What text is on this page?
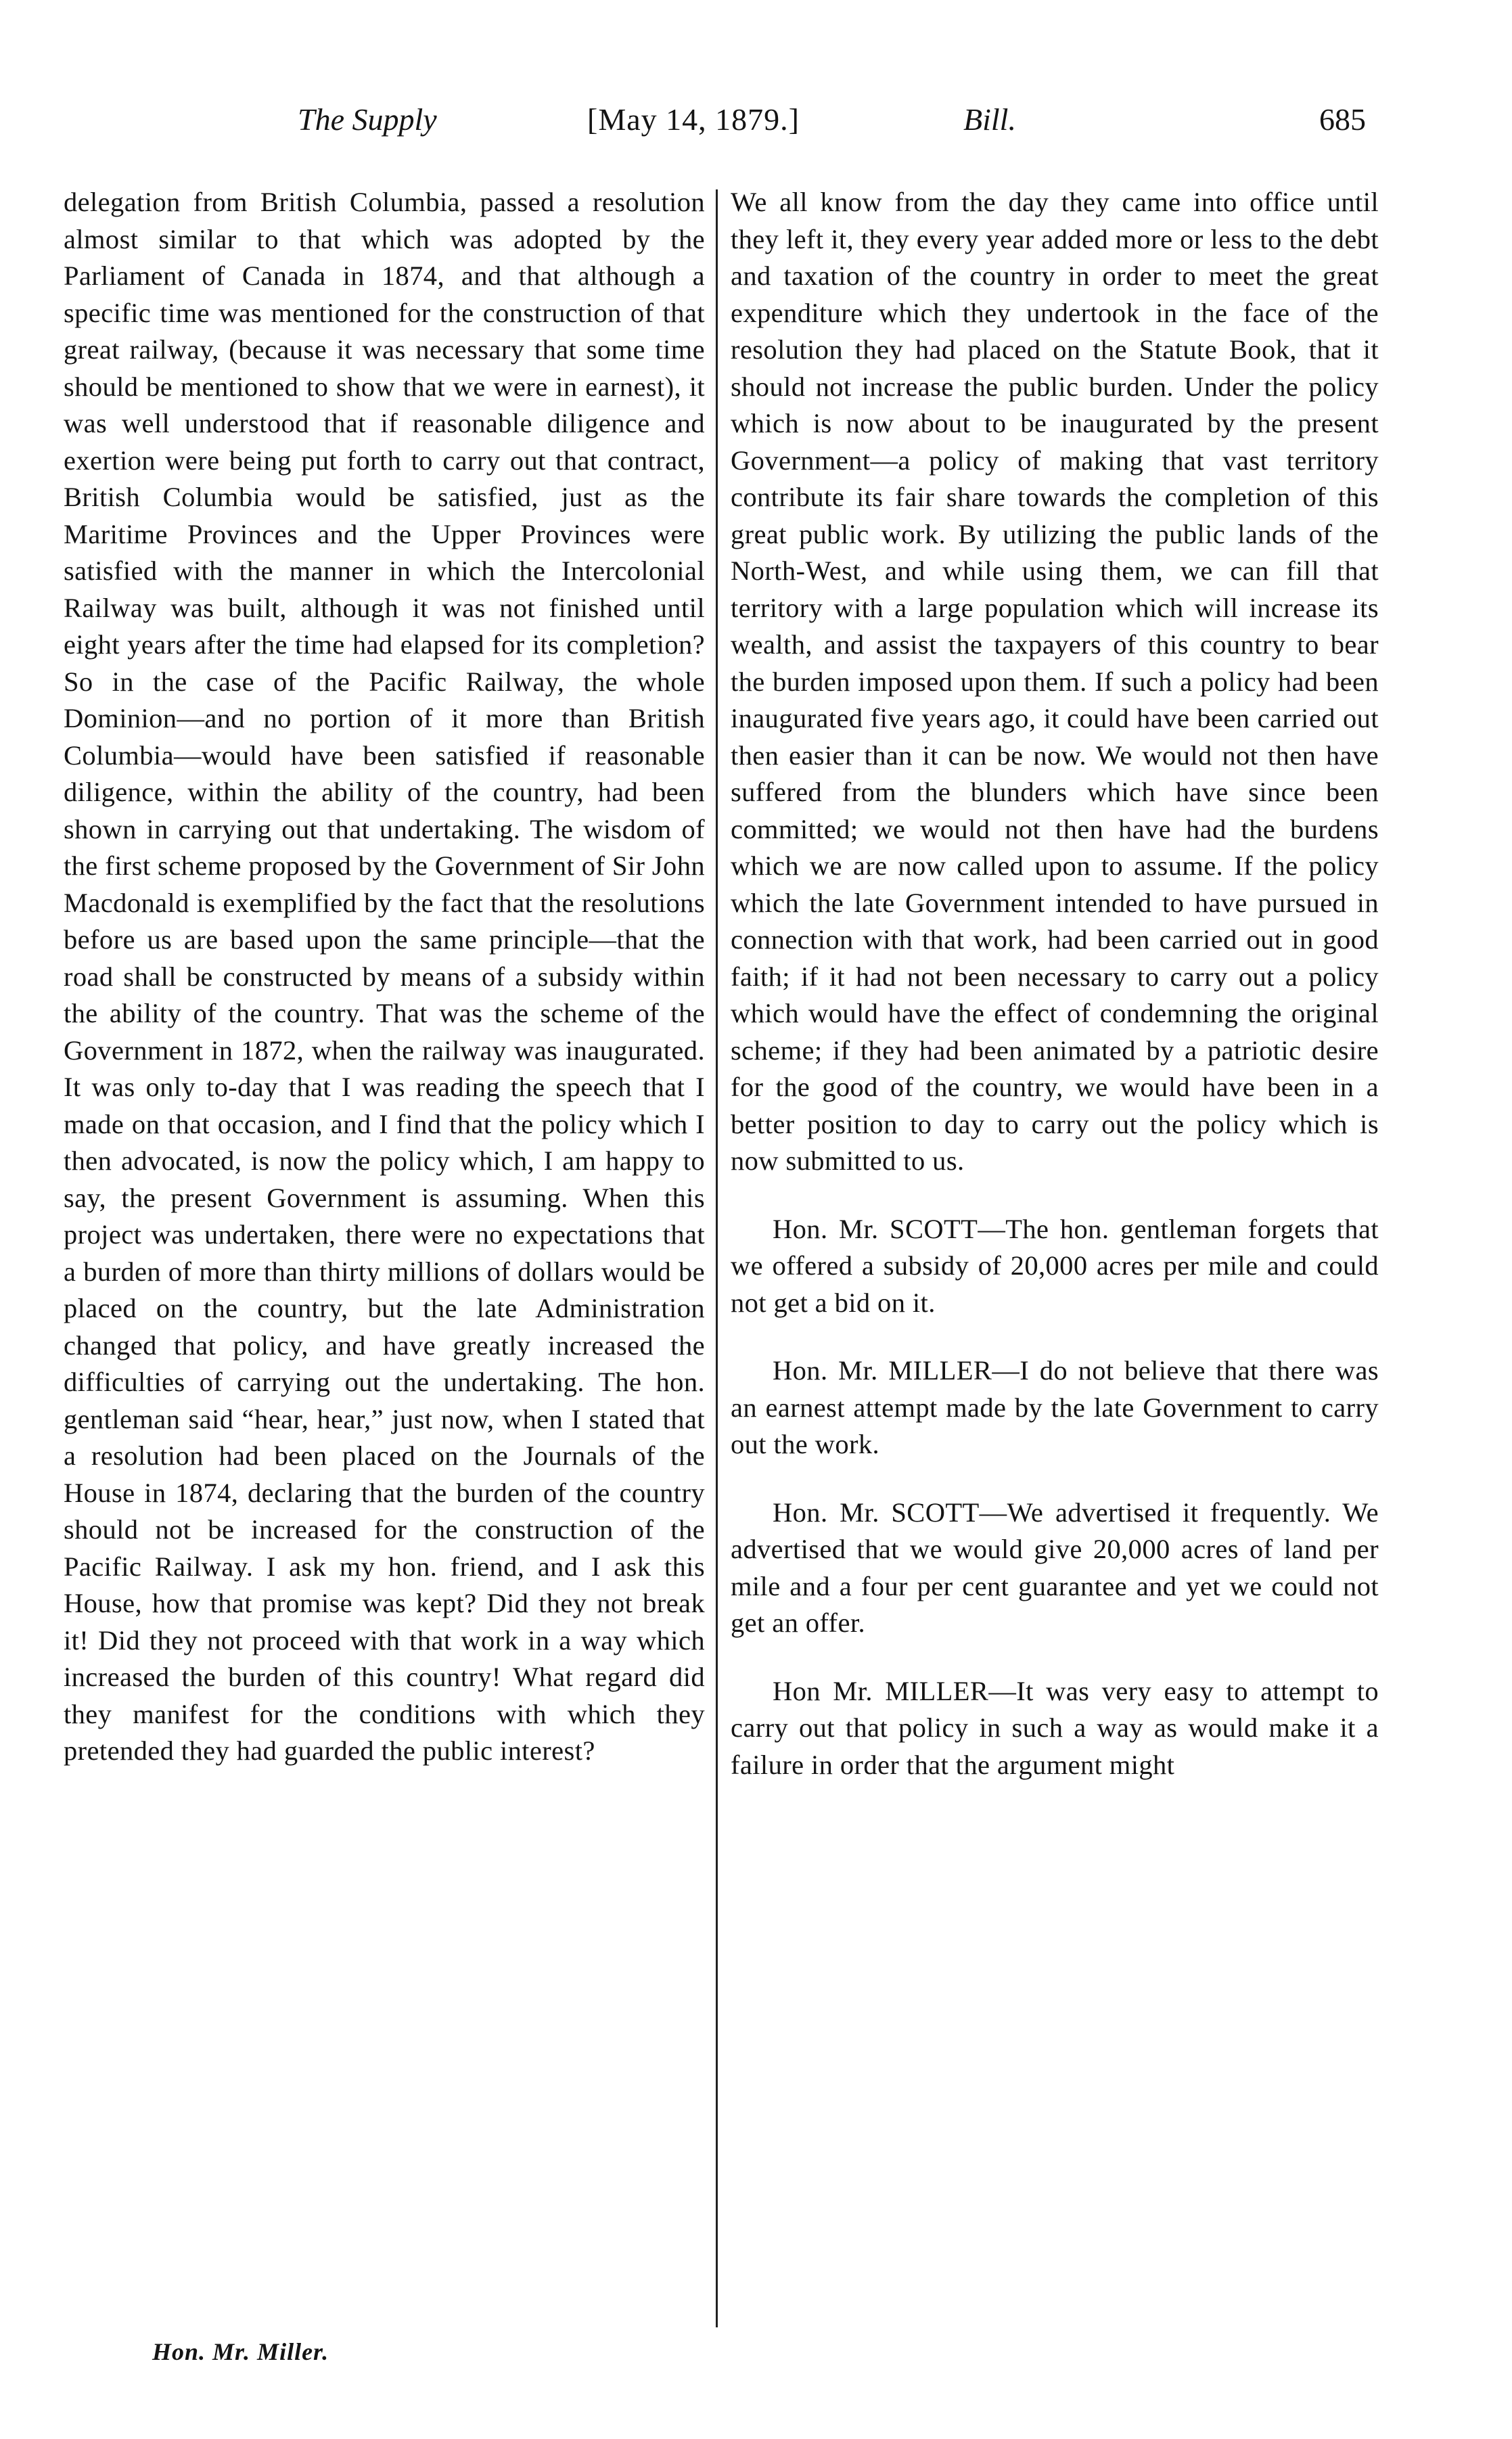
The Supply	[May 14, 1879.]	Bill.	685

delegation from British Columbia, passed a resolution almost similar to that which was adopted by the Parliament of Canada in 1874, and that although a specific time was mentioned for the construction of that great railway, (because it was necessary that some time should be mentioned to show that we were in earnest), it was well understood that if reasonable diligence and exertion were being put forth to carry out that contract, British Columbia would be satisfied, just as the Maritime Provinces and the Upper Provinces were satisfied with the manner in which the Intercolonial Railway was built, although it was not finished until eight years after the time had elapsed for its completion? So in the case of the Pacific Railway, the whole Dominion—and no portion of it more than British Columbia—would have been satisfied if reasonable diligence, within the ability of the country, had been shown in carrying out that undertaking. The wisdom of the first scheme proposed by the Government of Sir John Macdonald is exemplified by the fact that the resolutions before us are based upon the same principle—that the road shall be constructed by means of a subsidy within the ability of the country. That was the scheme of the Government in 1872, when the railway was inaugurated. It was only to-day that I was reading the speech that I made on that occasion, and I find that the policy which I then advocated, is now the policy which, I am happy to say, the present Government is assuming. When this project was undertaken, there were no expectations that a burden of more than thirty millions of dollars would be placed on the country, but the late Administration changed that policy, and have greatly increased the difficulties of carrying out the undertaking. The hon. gentleman said “hear, hear,” just now, when I stated that a resolution had been placed on the Journals of the House in 1874, declaring that the burden of the country should not be increased for the construction of the Pacific Railway. I ask my hon. friend, and I ask this House, how that promise was kept? Did they not break it! Did they not proceed with that work in a way which increased the burden of this country! What regard did they manifest for the conditions with which they pretended they had guarded the public interest?

We all know from the day they came into office until they left it, they every year added more or less to the debt and taxation of the country in order to meet the great expenditure which they undertook in the face of the resolution they had placed on the Statute Book, that it should not increase the public burden. Under the policy which is now about to be inaugurated by the present Government—a policy of making that vast territory contribute its fair share towards the completion of this great public work. By utilizing the public lands of the North-West, and while using them, we can fill that territory with a large population which will increase its wealth, and assist the taxpayers of this country to bear the burden imposed upon them. If such a policy had been inaugurated five years ago, it could have been carried out then easier than it can be now. We would not then have suffered from the blunders which have since been committed; we would not then have had the burdens which we are now called upon to assume. If the policy which the late Government intended to have pursued in connection with that work, had been carried out in good faith; if it had not been necessary to carry out a policy which would have the effect of condemning the original scheme; if they had been animated by a patriotic desire for the good of the country, we would have been in a better position to day to carry out the policy which is now submitted to us.

Hon. Mr. SCOTT—The hon. gentleman forgets that we offered a subsidy of 20,000 acres per mile and could not get a bid on it.

Hon. Mr. MILLER—I do not believe that there was an earnest attempt made by the late Government to carry out the work.

Hon. Mr. SCOTT—We advertised it frequently. We advertised that we would give 20,000 acres of land per mile and a four per cent guarantee and yet we could not get an offer.

Hon Mr. MILLER—It was very easy to attempt to carry out that policy in such a way as would make it a failure in order that the argument might

Hon. Mr. Miller.
